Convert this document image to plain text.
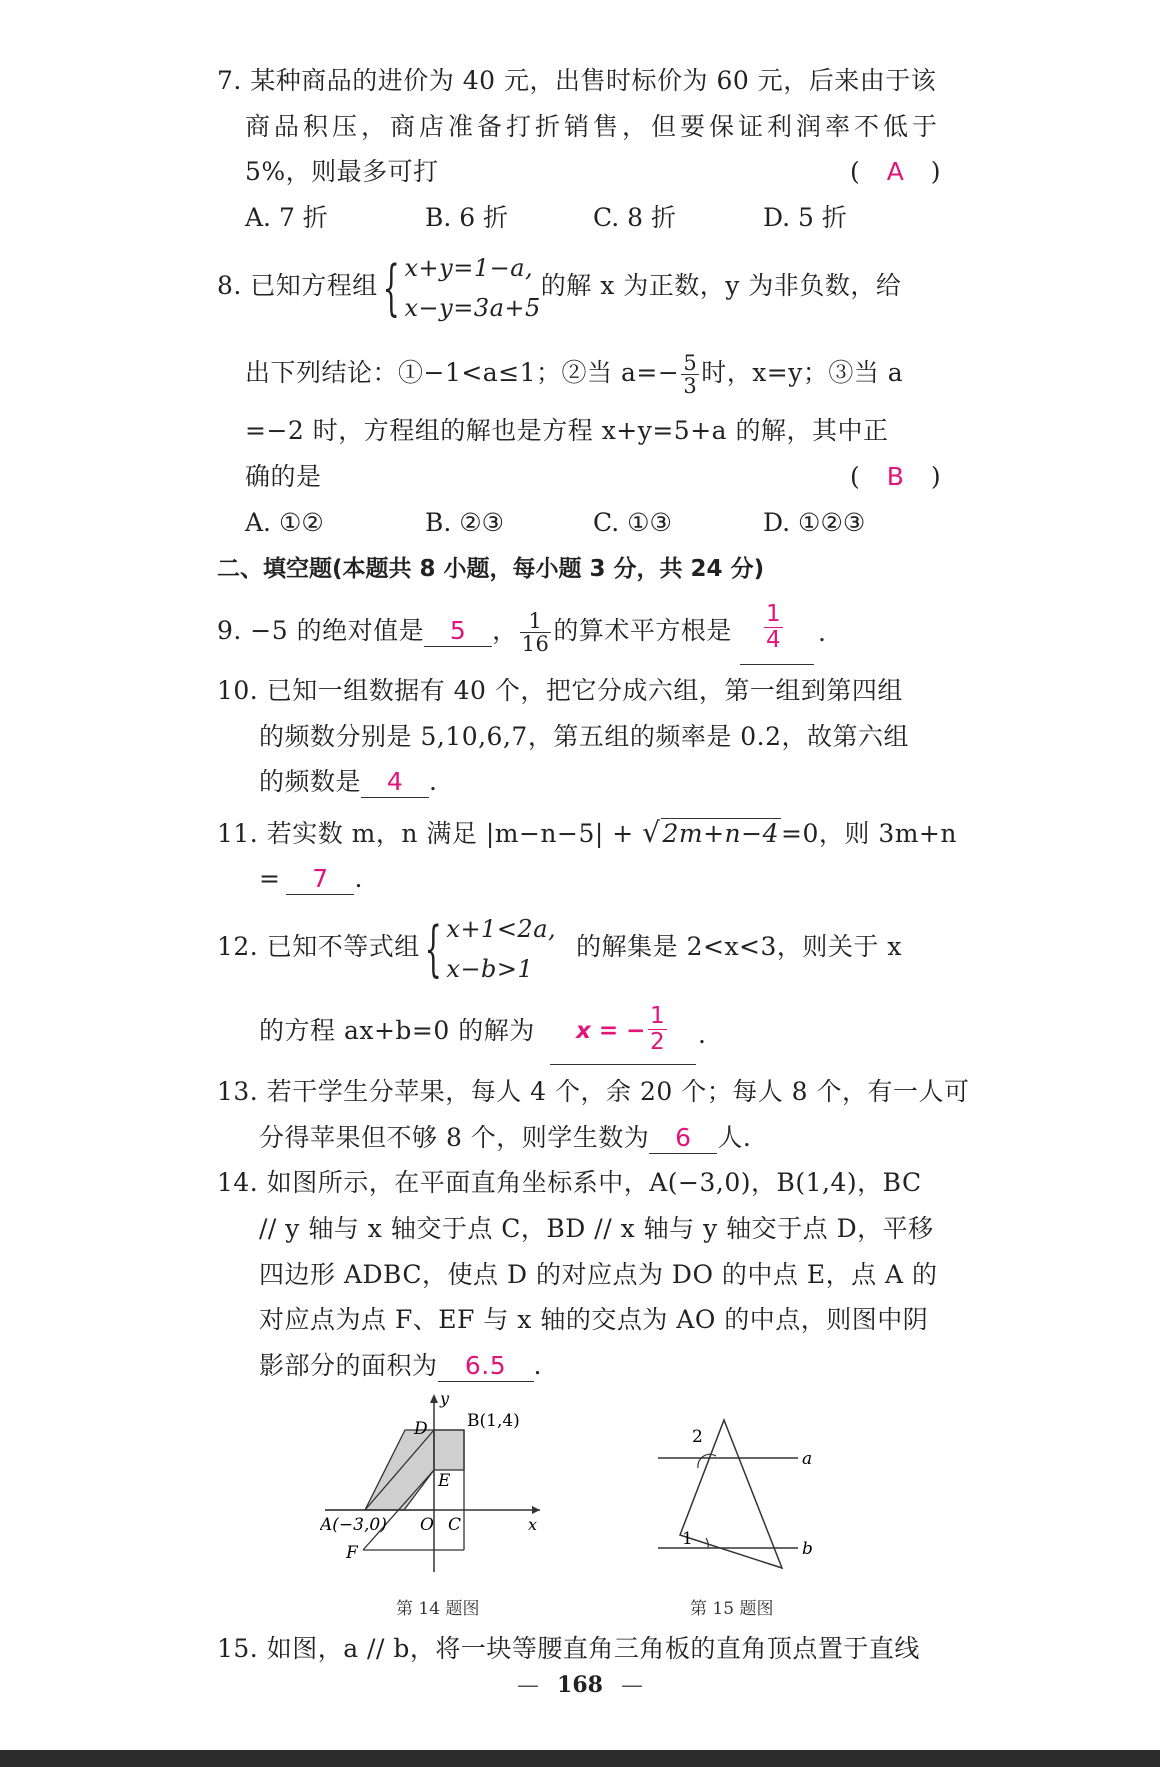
7. 某种商品的进价为 40 元，出售时标价为 60 元，后来由于该
商品积压，商店准备打折销售，但要保证利润率不低于
5%，则最多可打	( A )
A. 7 折	B. 6 折	C. 8 折	D. 5 折
8. 已知方程组{ x+y=1−a,
x−y=3a+5
的解 x 为正数，y 为非负数，给
出下列结论：①−1<a≤1；②当 $a=- \frac{5}{3}$ 时，x=y；③当 a
=−2 时，方程组的解也是方程 x+y=5+a 的解，其中正
确的是	( B )
A. ①②	B. ②③	C. ①③	D. ①②③
二、填空题(本题共 8 小题，每小题 3 分，共 24 分)
9. −5 的绝对值是 5 ， $\frac{1}{16}$ 的算术平方根是 $\frac{1}{4}$ .
10. 已知一组数据有 40 个，把它分成六组，第一组到第四组
的频数分别是 5,10,6,7，第五组的频率是 0.2，故第六组
的频数是 4 .
11. 若实数 m，n 满足 |m−n−5| + √2m+n−4=0，则 3m+n
= 7 .
12. 已知不等式组{ x+1<2a,
x−b>1
的解集是 2<x<3，则关于 x
的方程 ax+b=0 的解为 x = − $\frac{1}{2}$ .
13. 若干学生分苹果，每人 4 个，余 20 个；每人 8 个，有一人可
分得苹果但不够 8 个，则学生数为 6 人.
14. 如图所示，在平面直角坐标系中，A(−3,0)，B(1,4)，BC
// y 轴与 x 轴交于点 C，BD // x 轴与 y 轴交于点 D，平移
四边形 ADBC，使点 D 的对应点为 DO 的中点 E，点 A 的
对应点为点 F、EF 与 x 轴的交点为 AO 的中点，则图中阴
影部分的面积为 6.5 .
D B(1,4)
y
E
A(−3,0) O C	x
F
第 14 题图
2
1
a
b
第 15 题图
15. 如图，a // b，将一块等腰直角三角板的直角顶点置于直线
— 168 —
